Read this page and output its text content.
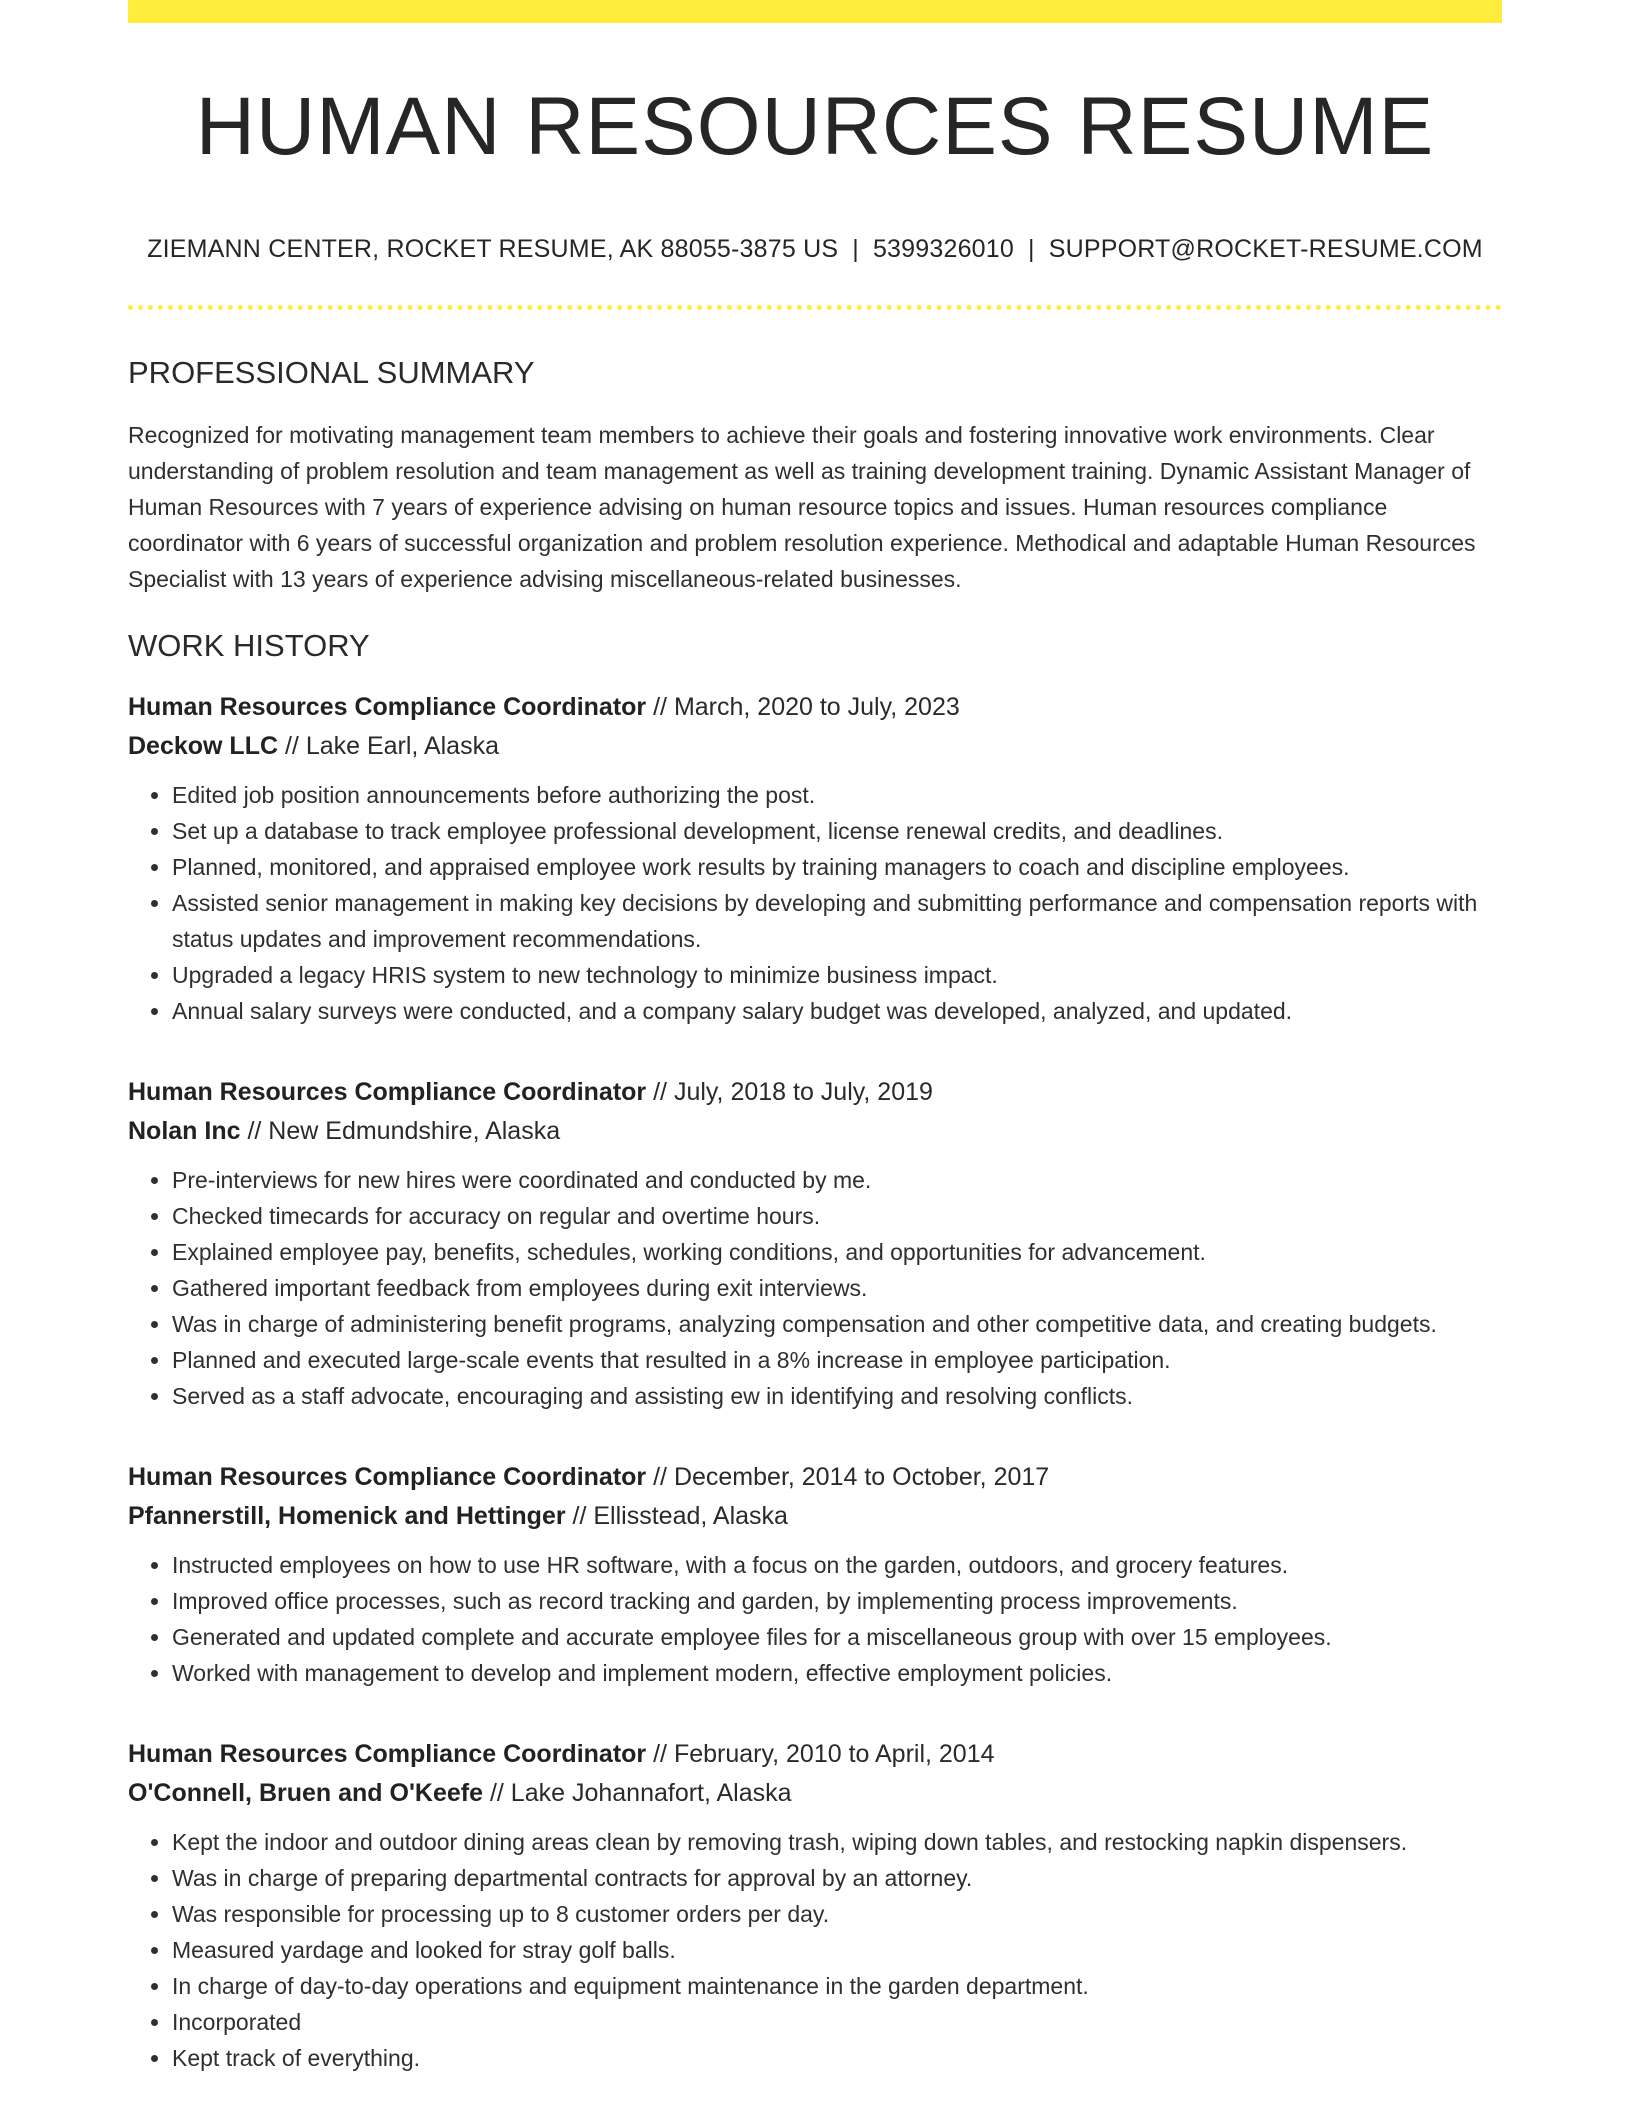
HUMAN RESOURCES RESUME
ZIEMANN CENTER, ROCKET RESUME, AK 88055-3875 US | 5399326010 | SUPPORT@ROCKET-RESUME.COM
PROFESSIONAL SUMMARY

Recognized for motivating management team members to achieve their goals and fostering innovative work environments. Clear understanding of problem resolution and team management as well as training development training. Dynamic Assistant Manager of Human Resources with 7 years of experience advising on human resource topics and issues. Human resources compliance coordinator with 6 years of successful organization and problem resolution experience. Methodical and adaptable Human Resources Specialist with 13 years of experience advising miscellaneous-related businesses.

WORK HISTORY
Human Resources Compliance Coordinator // March, 2020 to July, 2023
Deckow LLC // Lake Earl, Alaska
• Edited job position announcements before authorizing the post.
• Set up a database to track employee professional development, license renewal credits, and deadlines.
• Planned, monitored, and appraised employee work results by training managers to coach and discipline employees.
• Assisted senior management in making key decisions by developing and submitting performance and compensation reports with status updates and improvement recommendations.
• Upgraded a legacy HRIS system to new technology to minimize business impact.
• Annual salary surveys were conducted, and a company salary budget was developed, analyzed, and updated.
Human Resources Compliance Coordinator // July, 2018 to July, 2019
Nolan Inc // New Edmundshire, Alaska
• Pre-interviews for new hires were coordinated and conducted by me.
• Checked timecards for accuracy on regular and overtime hours.
• Explained employee pay, benefits, schedules, working conditions, and opportunities for advancement.
• Gathered important feedback from employees during exit interviews.
• Was in charge of administering benefit programs, analyzing compensation and other competitive data, and creating budgets.
• Planned and executed large-scale events that resulted in a 8% increase in employee participation.
• Served as a staff advocate, encouraging and assisting ew in identifying and resolving conflicts.
Human Resources Compliance Coordinator // December, 2014 to October, 2017
Pfannerstill, Homenick and Hettinger // Ellisstead, Alaska
• Instructed employees on how to use HR software, with a focus on the garden, outdoors, and grocery features.
• Improved office processes, such as record tracking and garden, by implementing process improvements.
• Generated and updated complete and accurate employee files for a miscellaneous group with over 15 employees.
• Worked with management to develop and implement modern, effective employment policies.
Human Resources Compliance Coordinator // February, 2010 to April, 2014
O'Connell, Bruen and O'Keefe // Lake Johannafort, Alaska
• Kept the indoor and outdoor dining areas clean by removing trash, wiping down tables, and restocking napkin dispensers.
• Was in charge of preparing departmental contracts for approval by an attorney.
• Was responsible for processing up to 8 customer orders per day.
• Measured yardage and looked for stray golf balls.
• In charge of day-to-day operations and equipment maintenance in the garden department.
• Incorporated
• Kept track of everything.
